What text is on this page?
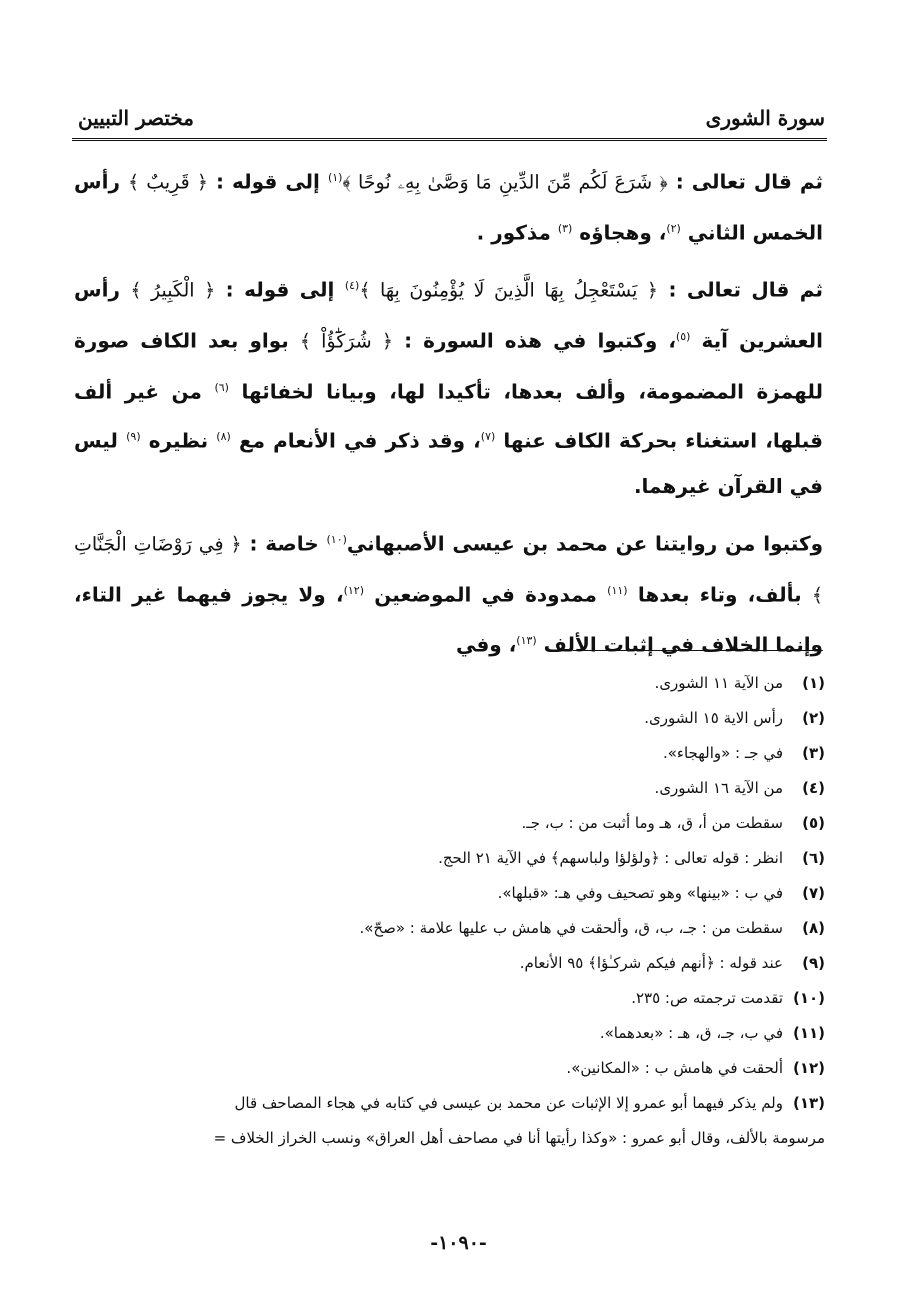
سورة الشورى
مختصر التبيين

ثم قال تعالى : ﴿ شَرَعَ لَكُم مِّنَ الدِّينِ مَا وَصَّىٰ بِهِۦ نُوحًا ﴾$^{(١)}$ إلى قوله : ﴿ قَرِيبٌ ﴾ رأس الخمس الثاني $^{(٢)}$، وهجاؤه $^{(٣)}$ مذكور .

ثم قال تعالى : ﴿ يَسْتَعْجِلُ بِهَا الَّذِينَ لَا يُؤْمِنُونَ بِهَا ﴾$^{(٤)}$ إلى قوله : ﴿ الْكَبِيرُ ﴾ رأس العشرين آية $^{(٥)}$، وكتبوا في هذه السورة : ﴿ شُرَكَٰٓؤُاْ ﴾ بواو بعد الكاف صورة للهمزة المضمومة، وألف بعدها، تأكيدا لها، وبيانا لخفائها $^{(٦)}$ من غير ألف قبلها، استغناء بحركة الكاف عنها $^{(٧)}$، وقد ذكر في الأنعام مع $^{(٨)}$ نظيره $^{(٩)}$ ليس في القرآن غيرهما.

وكتبوا من روايتنا عن محمد بن عيسى الأصبهاني$^{(١٠)}$ خاصة : ﴿ فِي رَوْضَاتِ الْجَنَّاتِ ﴾ بألف، وتاء بعدها $^{(١١)}$ ممدودة في الموضعين $^{(١٢)}$، ولا يجوز فيهما غير التاء، وإنما الخلاف في إثبات الألف $^{(١٣)}$، وفي

(١)
من الآية ١١ الشورى.
(٢)
رأس الاية ١٥ الشورى.
(٣)
في جـ : «والهجاء».
(٤)
من الآية ١٦ الشورى.
(٥)
سقطت من أ، ق، هـ وما أثبت من : ب، جـ.
(٦)
انظر : قوله تعالى : ﴿ولؤلؤا ولباسهم﴾ في الآية ٢١ الحج.
(٧)
في ب : «بينها» وهو تصحيف وفي هـ: «قبلها».
(٨)
سقطت من : جـ، ب، ق، وألحقت في هامش ب عليها علامة : «صحّ».
(٩)
عند قوله : ﴿أنهم فيكم شركـٰؤا﴾ ٩٥ الأنعام.
(١٠)
تقدمت ترجمته ص: ٢٣٥.
(١١)
في ب، جـ، ق، هـ : «بعدهما».
(١٢)
ألحقت في هامش ب : «المكانين».
(١٣)
ولم يذكر فيهما أبو عمرو إلا الإثبات عن محمد بن عيسى في كتابه في هجاء المصاحف قال
مرسومة بالألف، وقال أبو عمرو : «وكذا رأيتها أنا في مصاحف أهل العراق» ونسب الخراز الخلاف =
-١٠٩٠-
